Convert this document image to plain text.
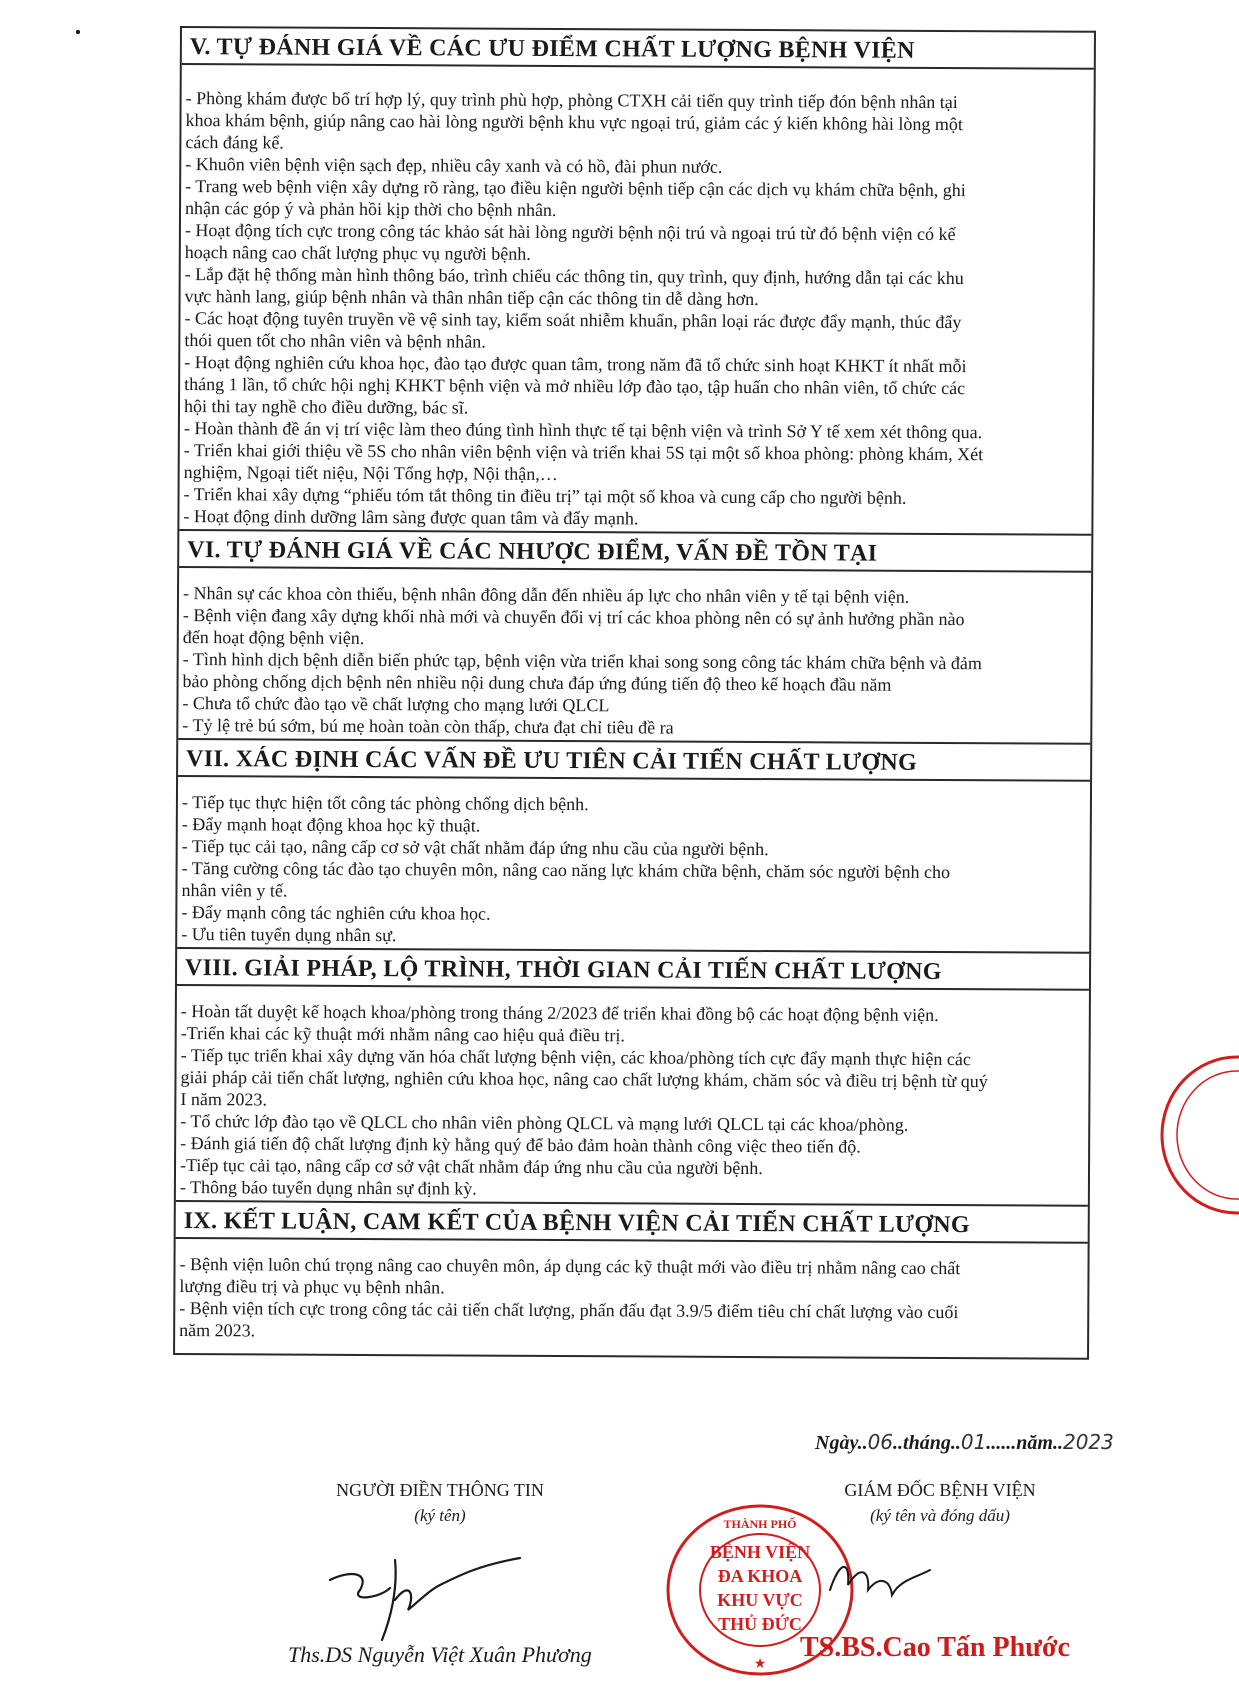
V. TỰ ĐÁNH GIÁ VỀ CÁC ƯU ĐIỂM CHẤT LƯỢNG BỆNH VIỆN
- Phòng khám được bố trí hợp lý, quy trình phù hợp, phòng CTXH cải tiến quy trình tiếp đón bệnh nhân tại
khoa khám bệnh, giúp nâng cao hài lòng người bệnh khu vực ngoại trú, giảm các ý kiến không hài lòng một
cách đáng kể.
- Khuôn viên bệnh viện sạch đẹp, nhiều cây xanh và có hồ, đài phun nước.
- Trang web bệnh viện xây dựng rõ ràng, tạo điều kiện người bệnh tiếp cận các dịch vụ khám chữa bệnh, ghi
nhận các góp ý và phản hồi kịp thời cho bệnh nhân.
- Hoạt động tích cực trong công tác khảo sát hài lòng người bệnh nội trú và ngoại trú từ đó bệnh viện có kế
hoạch nâng cao chất lượng phục vụ người bệnh.
- Lắp đặt hệ thống màn hình thông báo, trình chiếu các thông tin, quy trình, quy định, hướng dẫn tại các khu
vực hành lang, giúp bệnh nhân và thân nhân tiếp cận các thông tin dễ dàng hơn.
- Các hoạt động tuyên truyền về vệ sinh tay, kiểm soát nhiễm khuẩn, phân loại rác được đẩy mạnh, thúc đẩy
thói quen tốt cho nhân viên và bệnh nhân.
- Hoạt động nghiên cứu khoa học, đào tạo được quan tâm, trong năm đã tổ chức sinh hoạt KHKT ít nhất mỗi
tháng 1 lần, tổ chức hội nghị KHKT bệnh viện và mở nhiều lớp đào tạo, tập huấn cho nhân viên, tổ chức các
hội thi tay nghề cho điều dưỡng, bác sĩ.
- Hoàn thành đề án vị trí việc làm theo đúng tình hình thực tế tại bệnh viện và trình Sở Y tế xem xét thông qua.
- Triển khai giới thiệu về 5S cho nhân viên bệnh viện và triển khai 5S tại một số khoa phòng: phòng khám, Xét
nghiệm, Ngoại tiết niệu, Nội Tổng hợp, Nội thận,…
- Triển khai xây dựng “phiếu tóm tắt thông tin điều trị” tại một số khoa và cung cấp cho người bệnh.
- Hoạt động dinh dưỡng lâm sàng được quan tâm và đẩy mạnh.
VI. TỰ ĐÁNH GIÁ VỀ CÁC NHƯỢC ĐIỂM, VẤN ĐỀ TỒN TẠI
- Nhân sự các khoa còn thiếu, bệnh nhân đông dẫn đến nhiều áp lực cho nhân viên y tế tại bệnh viện.
- Bệnh viện đang xây dựng khối nhà mới và chuyển đổi vị trí các khoa phòng nên có sự ảnh hưởng phần nào
đến hoạt động bệnh viện.
- Tình hình dịch bệnh diễn biến phức tạp, bệnh viện vừa triển khai song song công tác khám chữa bệnh và đảm
bảo phòng chống dịch bệnh nên nhiều nội dung chưa đáp ứng đúng tiến độ theo kế hoạch đầu năm
- Chưa tổ chức đào tạo về chất lượng cho mạng lưới QLCL
- Tỷ lệ trẻ bú sớm, bú mẹ hoàn toàn còn thấp, chưa đạt chỉ tiêu đề ra
VII. XÁC ĐỊNH CÁC VẤN ĐỀ ƯU TIÊN CẢI TIẾN CHẤT LƯỢNG
- Tiếp tục thực hiện tốt công tác phòng chống dịch bệnh.
- Đẩy mạnh hoạt động khoa học kỹ thuật.
- Tiếp tục cải tạo, nâng cấp cơ sở vật chất nhằm đáp ứng nhu cầu của người bệnh.
- Tăng cường công tác đào tạo chuyên môn, nâng cao năng lực khám chữa bệnh, chăm sóc người bệnh cho
nhân viên y tế.
- Đẩy mạnh công tác nghiên cứu khoa học.
- Ưu tiên tuyển dụng nhân sự.
VIII. GIẢI PHÁP, LỘ TRÌNH, THỜI GIAN CẢI TIẾN CHẤT LƯỢNG
- Hoàn tất duyệt kế hoạch khoa/phòng trong tháng 2/2023 để triển khai đồng bộ các hoạt động bệnh viện.
-Triển khai các kỹ thuật mới nhằm nâng cao hiệu quả điều trị.
- Tiếp tục triển khai xây dựng văn hóa chất lượng bệnh viện, các khoa/phòng tích cực đẩy mạnh thực hiện các
giải pháp cải tiến chất lượng, nghiên cứu khoa học, nâng cao chất lượng khám, chăm sóc và điều trị bệnh từ quý
I năm 2023.
- Tổ chức lớp đào tạo về QLCL cho nhân viên phòng QLCL và mạng lưới QLCL tại các khoa/phòng.
- Đánh giá tiến độ chất lượng định kỳ hằng quý để bảo đảm hoàn thành công việc theo tiến độ.
-Tiếp tục cải tạo, nâng cấp cơ sở vật chất nhằm đáp ứng nhu cầu của người bệnh.
- Thông báo tuyển dụng nhân sự định kỳ.
IX. KẾT LUẬN, CAM KẾT CỦA BỆNH VIỆN CẢI TIẾN CHẤT LƯỢNG
- Bệnh viện luôn chú trọng nâng cao chuyên môn, áp dụng các kỹ thuật mới vào điều trị nhằm nâng cao chất
lượng điều trị và phục vụ bệnh nhân.
- Bệnh viện tích cực trong công tác cải tiến chất lượng, phấn đấu đạt 3.9/5 điểm tiêu chí chất lượng vào cuối
năm 2023.
Ngày..06..tháng..01......năm..2023
NGƯỜI ĐIỀN THÔNG TIN
(ký tên)
Ths.DS Nguyễn Việt Xuân Phương
GIÁM ĐỐC BỆNH VIỆN
(ký tên và đóng dấu)
THÀNH PHỐ
★
BỆNH VIỆN
ĐA KHOA
KHU VỰC
THỦ ĐỨC
TS.BS.Cao Tấn Phước
